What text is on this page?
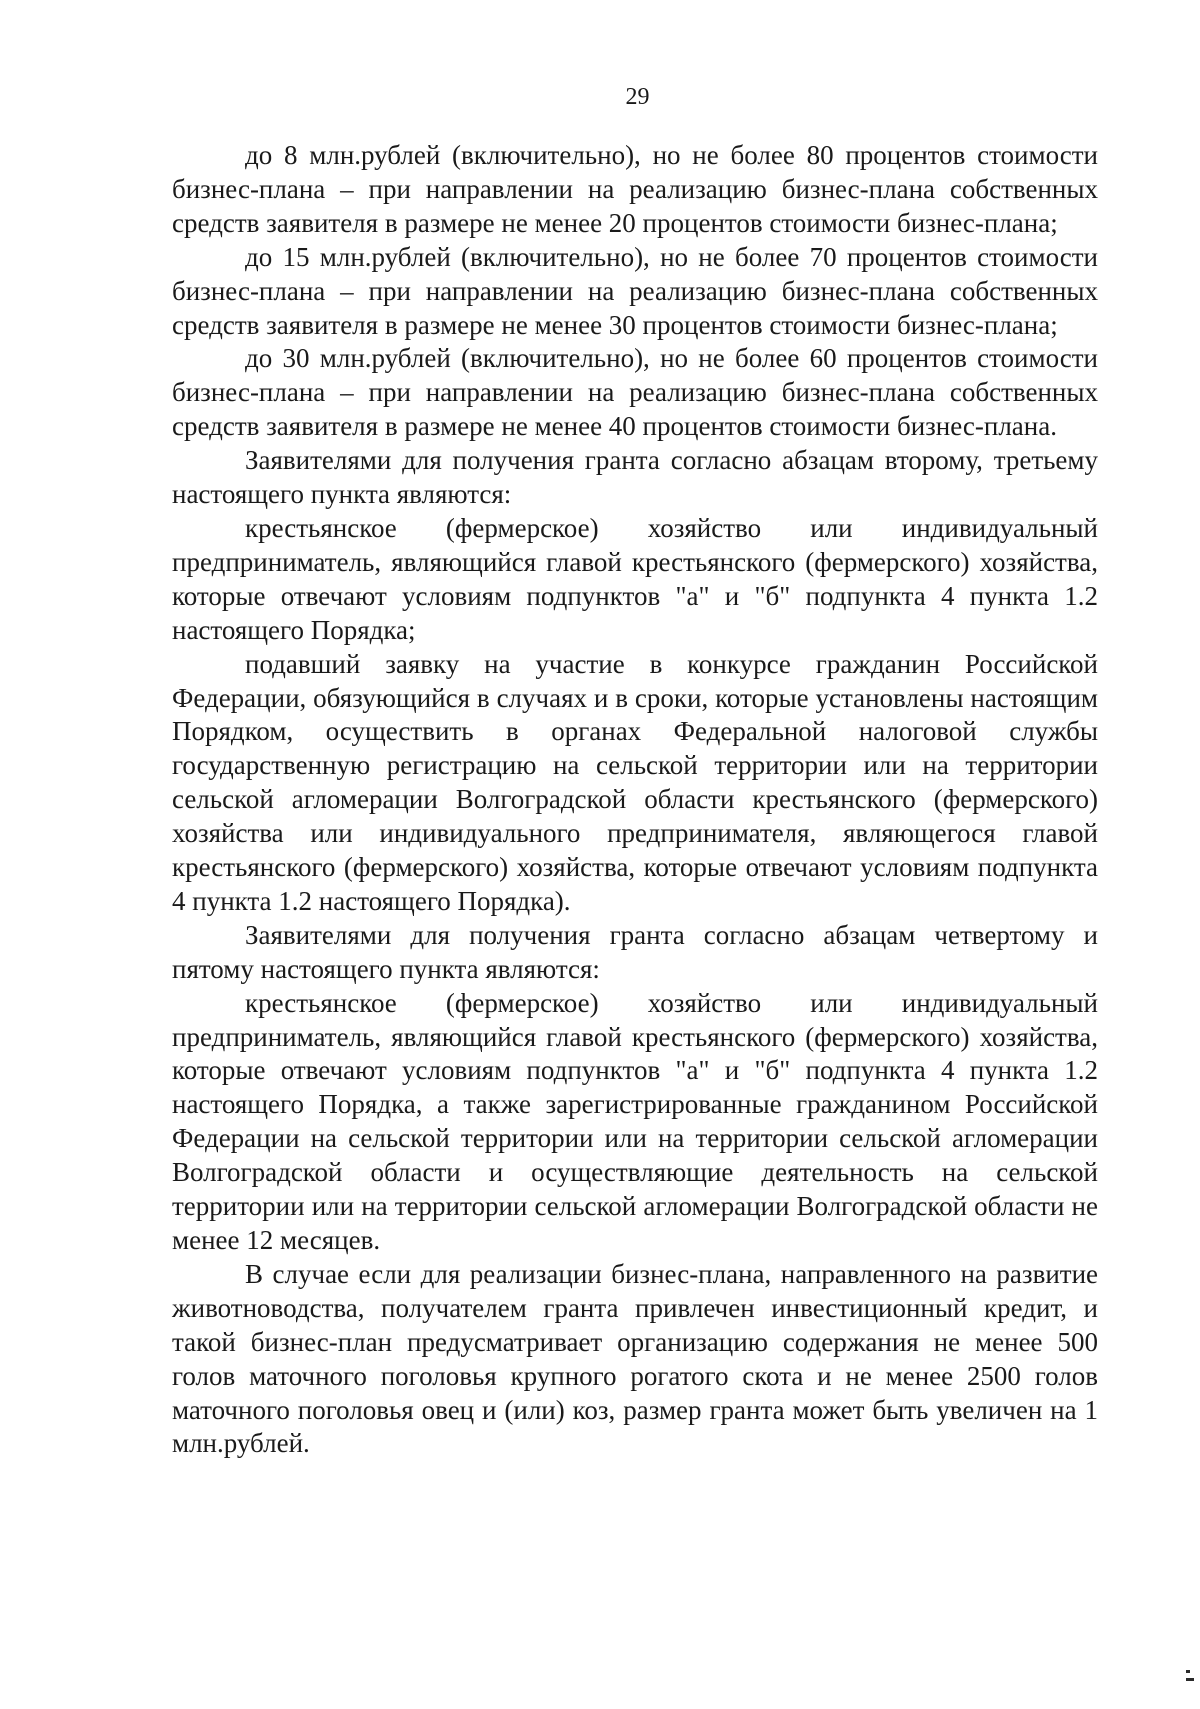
29

до 8 млн.рублей (включительно), но не более 80 процентов стоимости бизнес-плана – при направлении на реализацию бизнес-плана собственных средств заявителя в размере не менее 20 процентов стоимости бизнес-плана;

до 15 млн.рублей (включительно), но не более 70 процентов стоимости бизнес-плана – при направлении на реализацию бизнес-плана собственных средств заявителя в размере не менее 30 процентов стоимости бизнес-плана;

до 30 млн.рублей (включительно), но не более 60 процентов стоимости бизнес-плана – при направлении на реализацию бизнес-плана собственных средств заявителя в размере не менее 40 процентов стоимости бизнес-плана.

Заявителями для получения гранта согласно абзацам второму, третьему настоящего пункта являются:

крестьянское (фермерское) хозяйство или индивидуальный предприниматель, являющийся главой крестьянского (фермерского) хозяйства, которые отвечают условиям подпунктов "а" и "б" подпункта 4 пункта 1.2 настоящего Порядка;

подавший заявку на участие в конкурсе гражданин Российской Федерации, обязующийся в случаях и в сроки, которые установлены настоящим Порядком, осуществить в органах Федеральной налоговой службы государственную регистрацию на сельской территории или на территории сельской агломерации Волгоградской области крестьянского (фермерского) хозяйства или индивидуального предпринимателя, являющегося главой крестьянского (фермерского) хозяйства, которые отвечают условиям подпункта 4 пункта 1.2 настоящего Порядка).

Заявителями для получения гранта согласно абзацам четвертому и пятому настоящего пункта являются:

крестьянское (фермерское) хозяйство или индивидуальный предприниматель, являющийся главой крестьянского (фермерского) хозяйства, которые отвечают условиям подпунктов "а" и "б" подпункта 4 пункта 1.2 настоящего Порядка, а также зарегистрированные гражданином Российской Федерации на сельской территории или на территории сельской агломерации Волгоградской области и осуществляющие деятельность на сельской территории или на территории сельской агломерации Волгоградской области не менее 12 месяцев.

В случае если для реализации бизнес-плана, направленного на развитие животноводства, получателем гранта привлечен инвестиционный кредит, и такой бизнес-план предусматривает организацию содержания не менее 500 голов маточного поголовья крупного рогатого скота и не менее 2500 голов маточного поголовья овец и (или) коз, размер гранта может быть увеличен на 1 млн.рублей.
